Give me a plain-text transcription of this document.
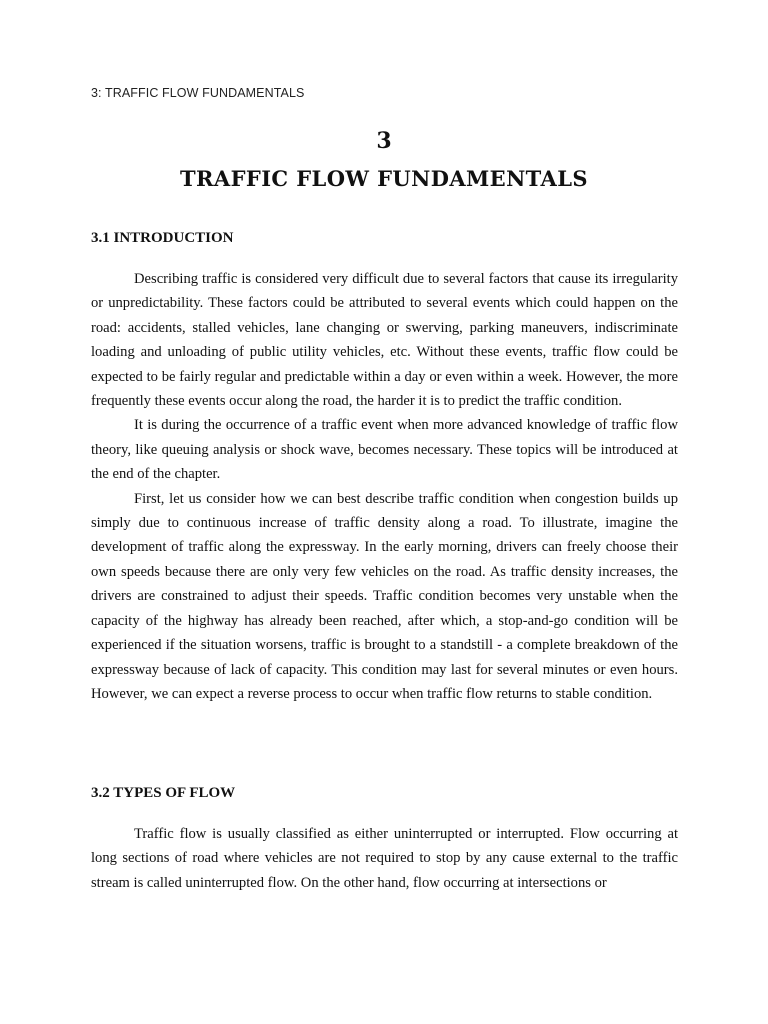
3: TRAFFIC FLOW FUNDAMENTALS
3
TRAFFIC FLOW FUNDAMENTALS
3.1 INTRODUCTION

Describing traffic is considered very difficult due to several factors that cause its irregularity or unpredictability. These factors could be attributed to several events which could happen on the road: accidents, stalled vehicles, lane changing or swerving, parking maneuvers, indiscriminate loading and unloading of public utility vehicles, etc. Without these events, traffic flow could be expected to be fairly regular and predictable within a day or even within a week. However, the more frequently these events occur along the road, the harder it is to predict the traffic condition.

It is during the occurrence of a traffic event when more advanced knowledge of traffic flow theory, like queuing analysis or shock wave, becomes necessary. These topics will be introduced at the end of the chapter.

First, let us consider how we can best describe traffic condition when congestion builds up simply due to continuous increase of traffic density along a road. To illustrate, imagine the development of traffic along the expressway. In the early morning, drivers can freely choose their own speeds because there are only very few vehicles on the road. As traffic density increases, the drivers are constrained to adjust their speeds. Traffic condition becomes very unstable when the capacity of the highway has already been reached, after which, a stop-and-go condition will be experienced if the situation worsens, traffic is brought to a standstill - a complete breakdown of the expressway because of lack of capacity. This condition may last for several minutes or even hours. However, we can expect a reverse process to occur when traffic flow returns to stable condition.

3.2 TYPES OF FLOW

Traffic flow is usually classified as either uninterrupted or interrupted. Flow occurring at long sections of road where vehicles are not required to stop by any cause external to the traffic stream is called uninterrupted flow. On the other hand, flow occurring at intersections or
